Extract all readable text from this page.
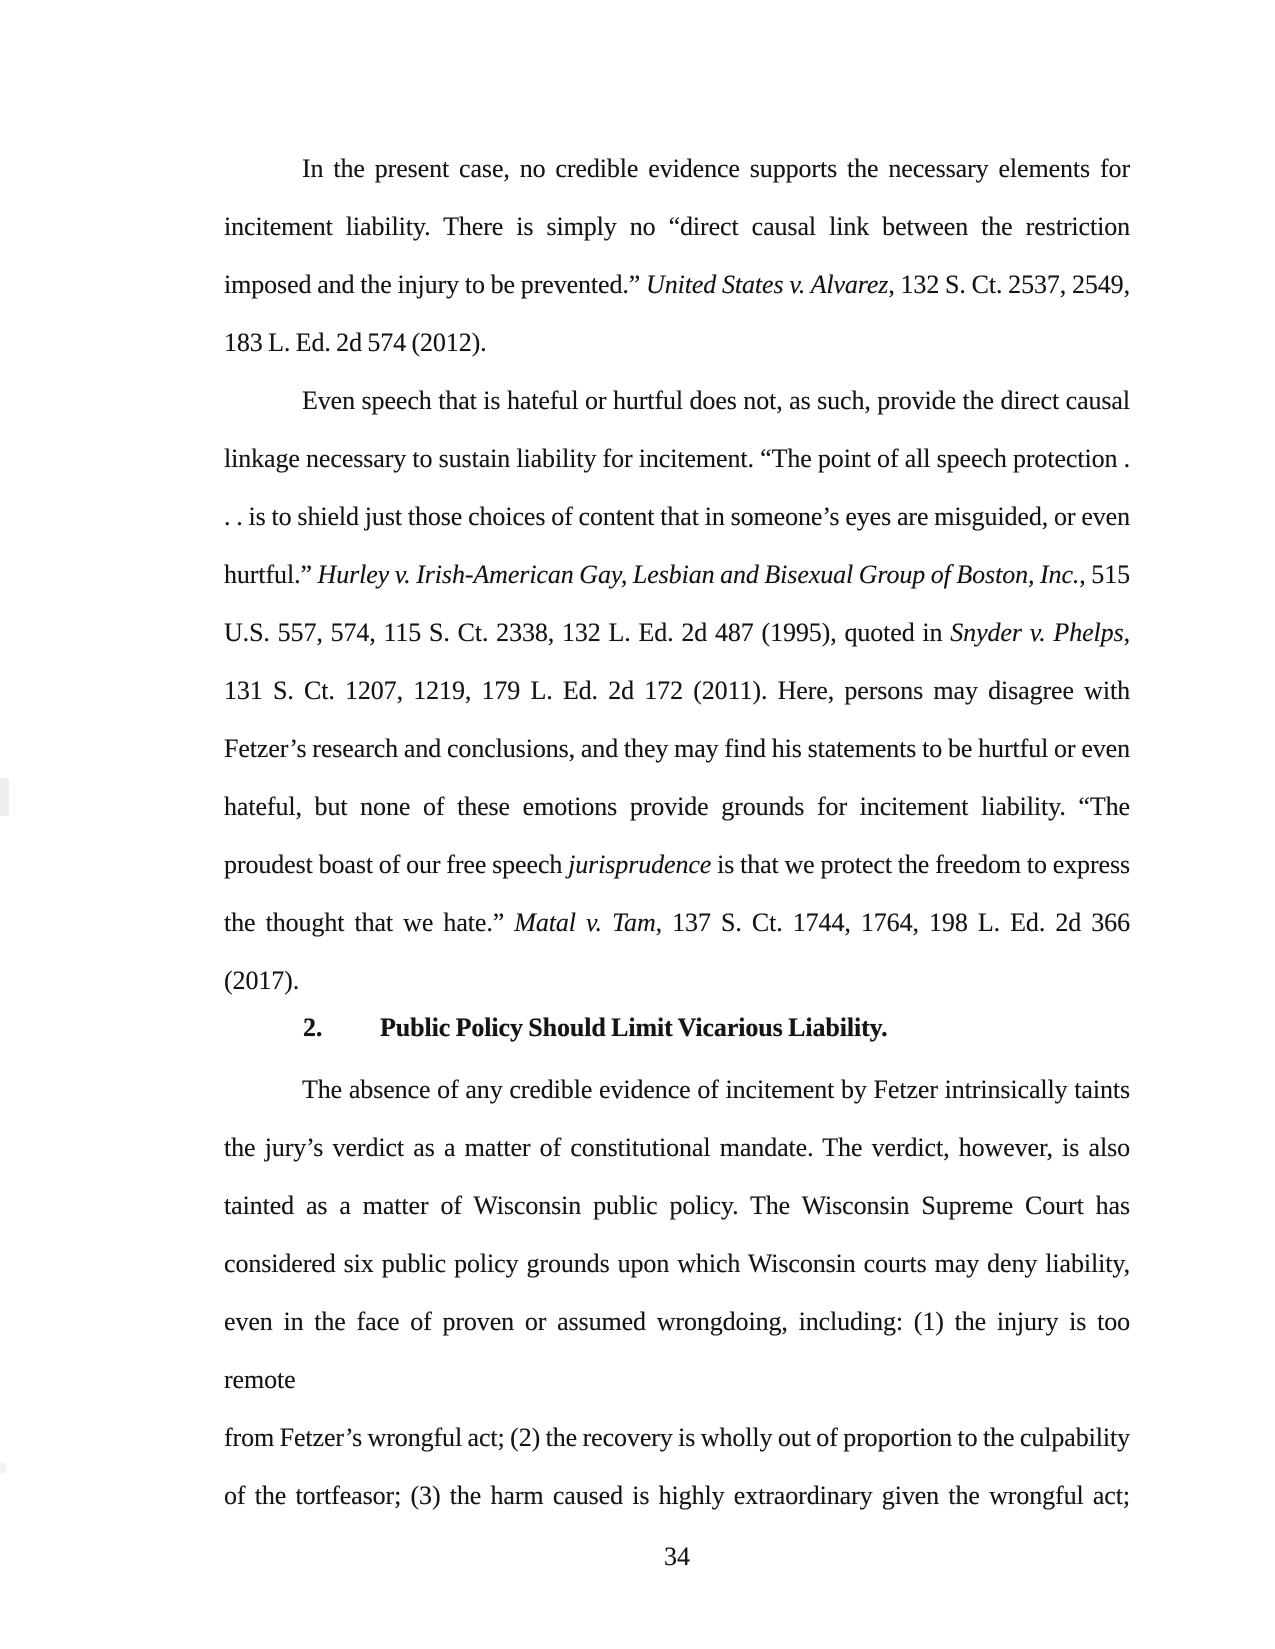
In the present case, no credible evidence supports the necessary elements for
incitement liability. There is simply no “direct causal link between the restriction
imposed and the injury to be prevented.” United States v. Alvarez, 132 S. Ct. 2537, 2549,
183 L. Ed. 2d 574 (2012).
Even speech that is hateful or hurtful does not, as such, provide the direct causal
linkage necessary to sustain liability for incitement. “The point of all speech protection .
. . is to shield just those choices of content that in someone’s eyes are misguided, or even
hurtful.” Hurley v. Irish-American Gay, Lesbian and Bisexual Group of Boston, Inc., 515
U.S. 557, 574, 115 S. Ct. 2338, 132 L. Ed. 2d 487 (1995), quoted in Snyder v. Phelps,
131 S. Ct. 1207, 1219, 179 L. Ed. 2d 172 (2011). Here, persons may disagree with
Fetzer’s research and conclusions, and they may find his statements to be hurtful or even
hateful, but none of these emotions provide grounds for incitement liability. “The
proudest boast of our free speech jurisprudence is that we protect the freedom to express
the thought that we hate.” Matal v. Tam, 137 S. Ct. 1744, 1764, 198 L. Ed. 2d 366
(2017).
2. Public Policy Should Limit Vicarious Liability.
The absence of any credible evidence of incitement by Fetzer intrinsically taints
the jury’s verdict as a matter of constitutional mandate. The verdict, however, is also
tainted as a matter of Wisconsin public policy. The Wisconsin Supreme Court has
considered six public policy grounds upon which Wisconsin courts may deny liability,
even in the face of proven or assumed wrongdoing, including: (1) the injury is too remote
from Fetzer’s wrongful act; (2) the recovery is wholly out of proportion to the culpability
of the tortfeasor; (3) the harm caused is highly extraordinary given the wrongful act;
34
